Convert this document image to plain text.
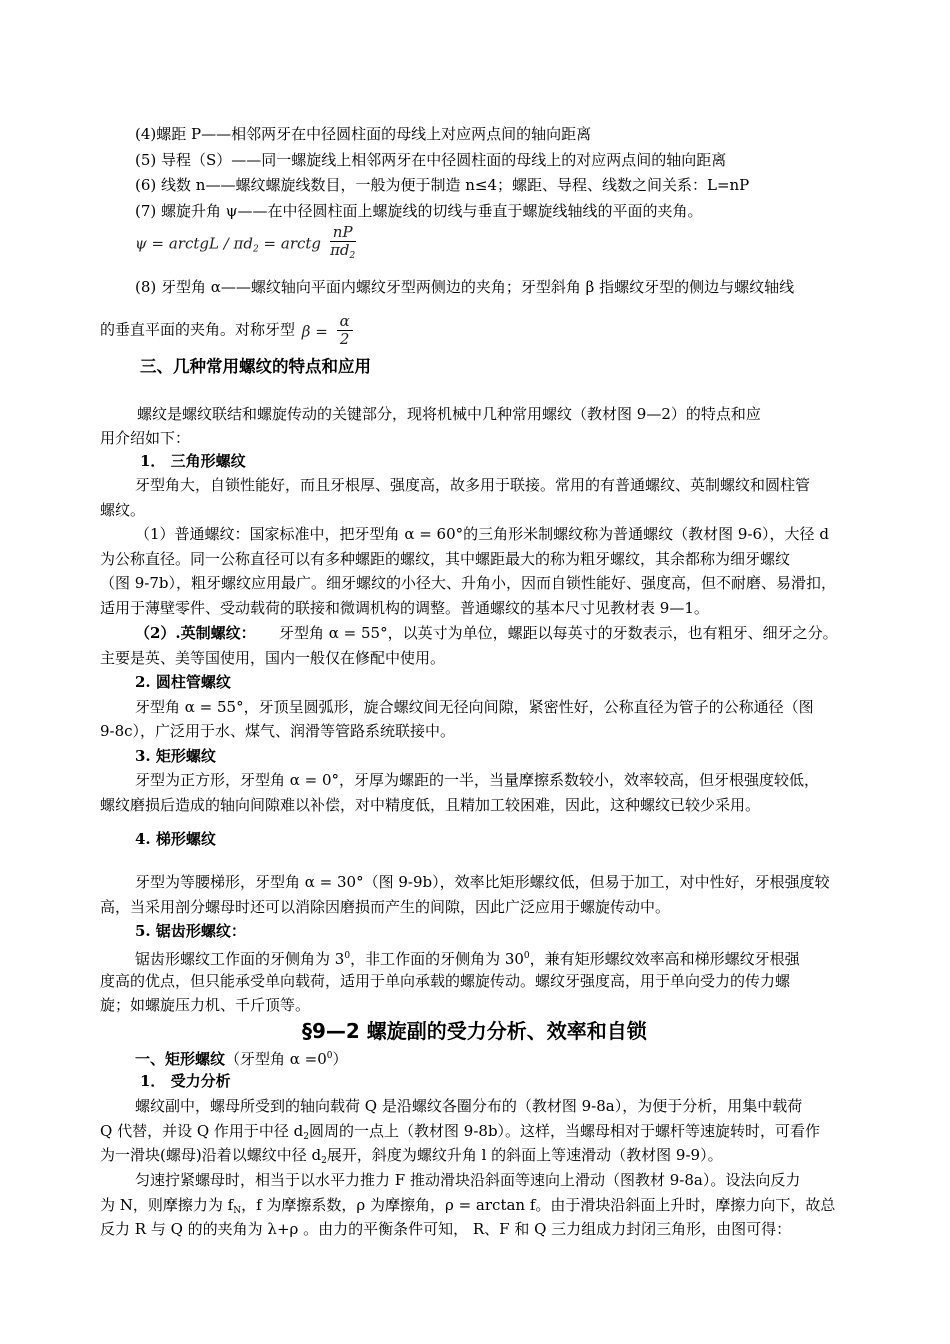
(4)螺距 P——相邻两牙在中径圆柱面的母线上对应两点间的轴向距离
(5) 导程（S）——同一螺旋线上相邻两牙在中径圆柱面的母线上的对应两点间的轴向距离
(6) 线数 n——螺纹螺旋线数目，一般为便于制造 n≤4；螺距、导程、线数之间关系：L=nP
(7) 螺旋升角 ψ——在中径圆柱面上螺旋线的切线与垂直于螺旋线轴线的平面的夹角。
ψ = arctgL / $\pi d_2$ = arctg $\frac{nP}{\pi d_2}$
(8) 牙型角 α——螺纹轴向平面内螺纹牙型两侧边的夹角；牙型斜角 β 指螺纹牙型的侧边与螺纹轴线
的垂直平面的夹角。对称牙型 $\beta = \frac{\alpha}{2}$
三、几种常用螺纹的特点和应用
螺纹是螺纹联结和螺旋传动的关键部分，现将机械中几种常用螺纹（教材图 9—2）的特点和应
用介绍如下：
1． 三角形螺纹
牙型角大，自锁性能好，而且牙根厚、强度高，故多用于联接。常用的有普通螺纹、英制螺纹和圆柱管
螺纹。
（1）普通螺纹：国家标准中，把牙型角 α = 60°的三角形米制螺纹称为普通螺纹（教材图 9-6），大径 d
为公称直径。同一公称直径可以有多种螺距的螺纹，其中螺距最大的称为粗牙螺纹，其余都称为细牙螺纹
（图 9-7b），粗牙螺纹应用最广。细牙螺纹的小径大、升角小，因而自锁性能好、强度高，但不耐磨、易滑扣，
适用于薄壁零件、受动载荷的联接和微调机构的调整。普通螺纹的基本尺寸见教材表 9—1。
（2）.英制螺纹： 牙型角 α = 55°，以英寸为单位，螺距以每英寸的牙数表示，也有粗牙、细牙之分。
主要是英、美等国使用，国内一般仅在修配中使用。
2. 圆柱管螺纹
牙型角 α = 55°，牙顶呈圆弧形，旋合螺纹间无径向间隙，紧密性好，公称直径为管子的公称通径（图
9-8c），广泛用于水、煤气、润滑等管路系统联接中。
3. 矩形螺纹
牙型为正方形，牙型角 α = 0°，牙厚为螺距的一半，当量摩擦系数较小，效率较高，但牙根强度较低，
螺纹磨损后造成的轴向间隙难以补偿，对中精度低，且精加工较困难，因此，这种螺纹已较少采用。
4. 梯形螺纹
牙型为等腰梯形，牙型角 α = 30°（图 9-9b），效率比矩形螺纹低，但易于加工，对中性好，牙根强度较
高，当采用剖分螺母时还可以消除因磨损而产生的间隙，因此广泛应用于螺旋传动中。
5. 锯齿形螺纹：
锯齿形螺纹工作面的牙侧角为 $3^0$，非工作面的牙侧角为 $30^0$，兼有矩形螺纹效率高和梯形螺纹牙根强
度高的优点，但只能承受单向载荷，适用于单向承载的螺旋传动。螺纹牙强度高，用于单向受力的传力螺
旋；如螺旋压力机、千斤顶等。
§9—2 螺旋副的受力分析、效率和自锁
一、矩形螺纹（牙型角 $\alpha =0^0$）
1． 受力分析
螺纹副中，螺母所受到的轴向载荷 Q 是沿螺纹各圈分布的（教材图 9-8a），为便于分析，用集中载荷
Q 代替，并设 Q 作用于中径 $d_2$圆周的一点上（教材图 9-8b）。这样，当螺母相对于螺杆等速旋转时，可看作
为一滑块(螺母)沿着以螺纹中径 $d_2$展开，斜度为螺纹升角 l 的斜面上等速滑动（教材图 9-9）。
匀速拧紧螺母时，相当于以水平力推力 F 推动滑块沿斜面等速向上滑动（图教材 9-8a）。设法向反力
为 N，则摩擦力为 $f_N$，f 为摩擦系数，ρ 为摩擦角，ρ = arctan f。由于滑块沿斜面上升时，摩擦力向下，故总
反力 R 与 Q 的的夹角为 λ+ρ 。由力的平衡条件可知， R、F 和 Q 三力组成力封闭三角形，由图可得：
